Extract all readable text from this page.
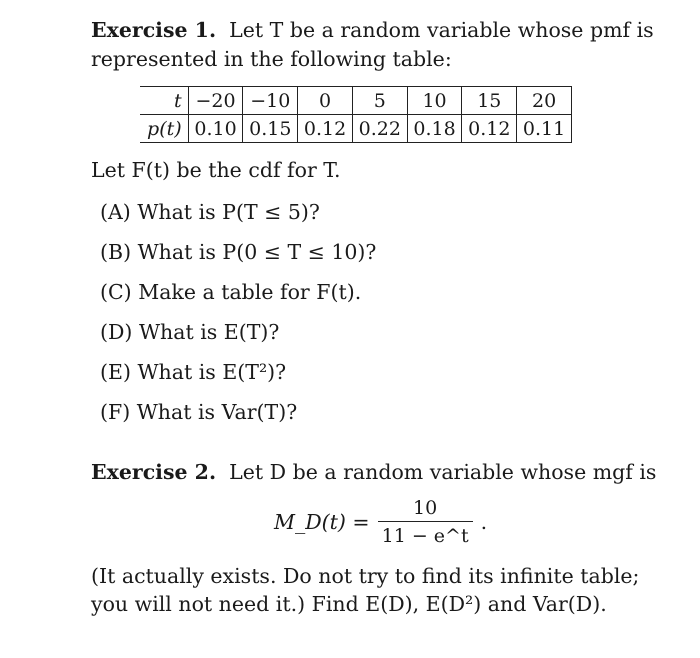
Exercise 1. Let T be a random variable whose pmf is
represented in the following table:
t	−20	−10	0	5	10	15	20
p(t)	0.10	0.15	0.12	0.22	0.18	0.12	0.11
Let F(t) be the cdf for T.
(A) What is P(T ≤ 5)?
(B) What is P(0 ≤ T ≤ 10)?
(C) Make a table for F(t).
(D) What is E(T)?
(E) What is E(T²)?
(F) What is Var(T)?
Exercise 2. Let D be a random variable whose mgf is
M_D(t) = $\frac{10}{11 - e\^{}t}$ .
(It actually exists. Do not try to find its infinite table;
you will not need it.) Find E(D), E(D²) and Var(D).
